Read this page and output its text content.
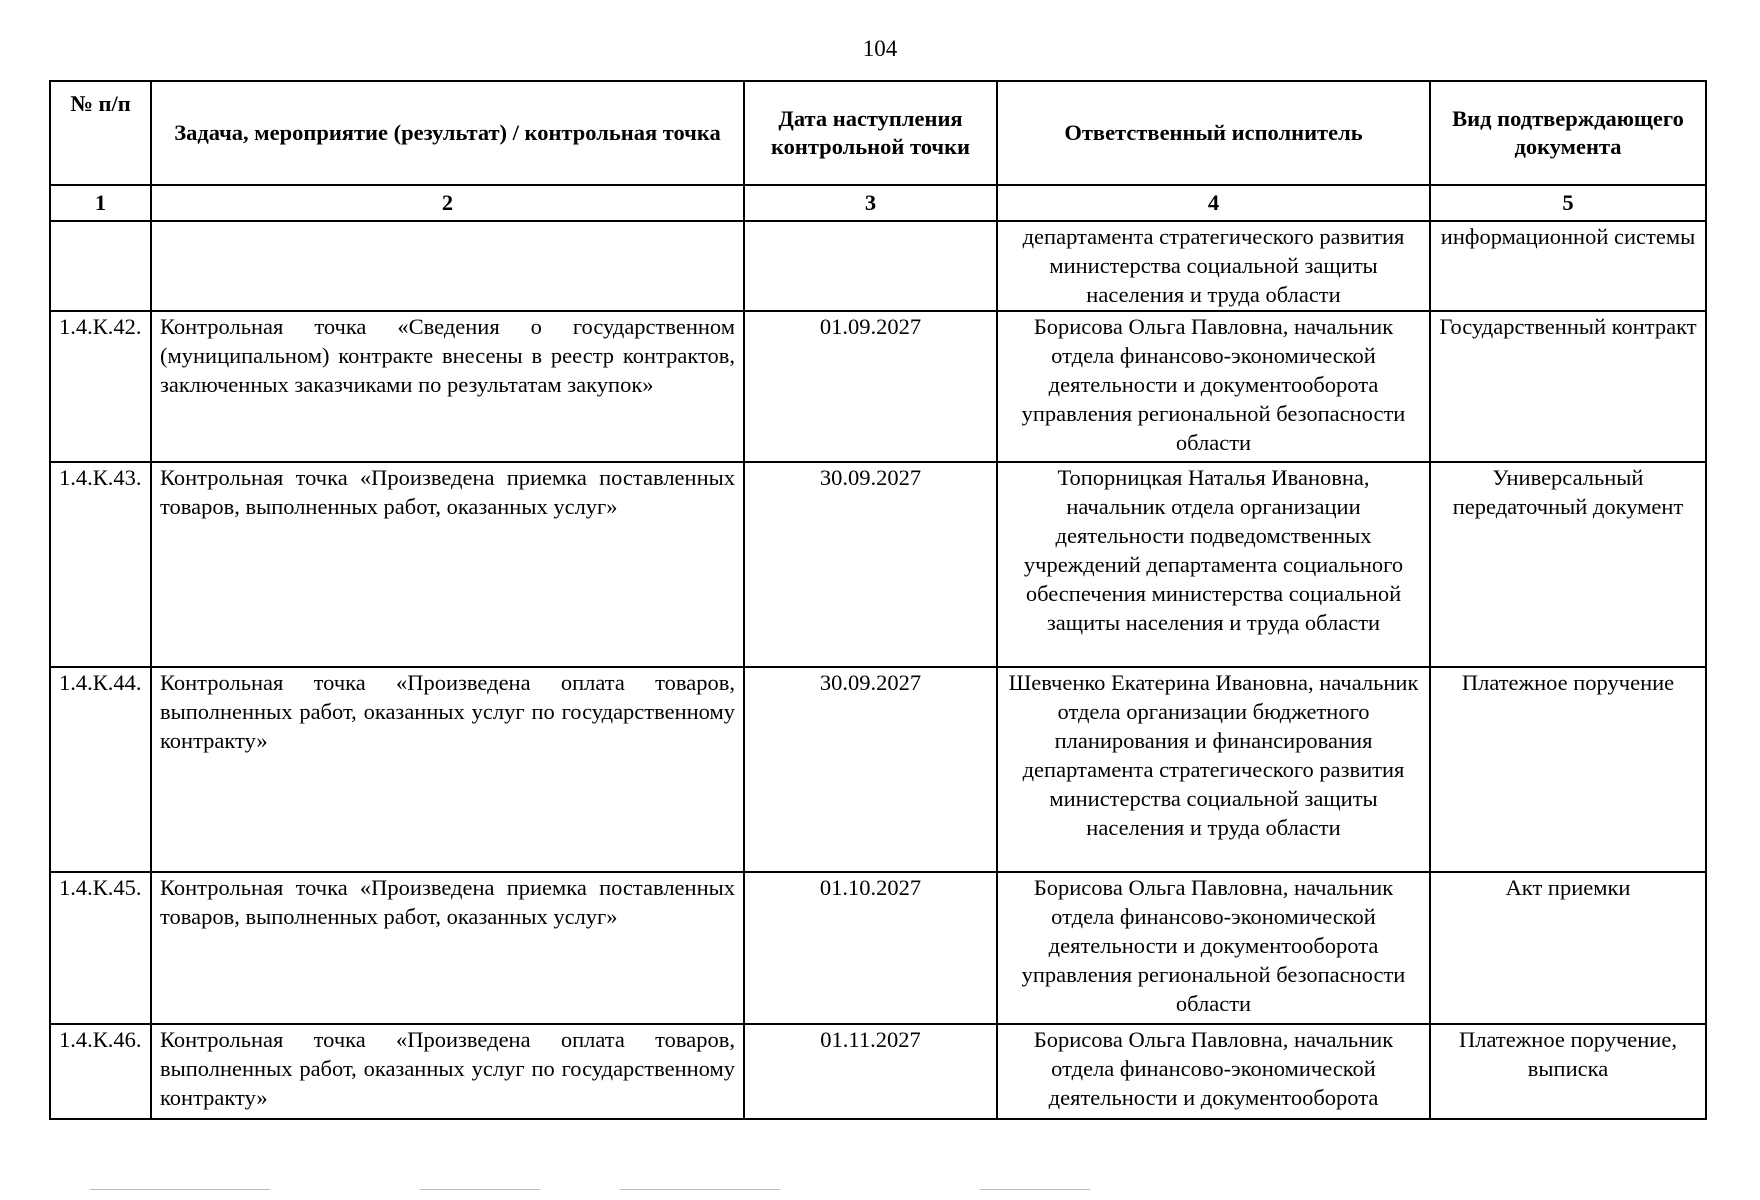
104
№ п/п	Задача, мероприятие (результат) / контрольная точка	Дата наступления контрольной точки	Ответственный исполнитель	Вид подтверждающего документа
1	2	3	4	5
			департамента стратегического развития министерства социальной защиты населения и труда области	информационной системы
1.4.К.42.	Контрольная точка «Сведения о государственном (муниципальном) контракте внесены в реестр контрактов, заключенных заказчиками по результатам закупок»	01.09.2027	Борисова Ольга Павловна, начальник отдела финансово-экономической деятельности и документооборота управления региональной безопасности области	Государственный контракт
1.4.К.43.	Контрольная точка «Произведена приемка поставленных товаров, выполненных работ, оказанных услуг»	30.09.2027	Топорницкая Наталья Ивановна, начальник отдела организации деятельности подведомственных учреждений департамента социального обеспечения министерства социальной защиты населения и труда области	Универсальный передаточный документ
1.4.К.44.	Контрольная точка «Произведена оплата товаров, выполненных работ, оказанных услуг по государственному контракту»	30.09.2027	Шевченко Екатерина Ивановна, начальник отдела организации бюджетного планирования и финансирования департамента стратегического развития министерства социальной защиты населения и труда области	Платежное поручение
1.4.К.45.	Контрольная точка «Произведена приемка поставленных товаров, выполненных работ, оказанных услуг»	01.10.2027	Борисова Ольга Павловна, начальник отдела финансово-экономической деятельности и документооборота управления региональной безопасности области	Акт приемки
1.4.К.46.	Контрольная точка «Произведена оплата товаров, выполненных работ, оказанных услуг по государственному контракту»	01.11.2027	Борисова Ольга Павловна, начальник отдела финансово-экономической деятельности и документооборота	Платежное поручение, выписка
